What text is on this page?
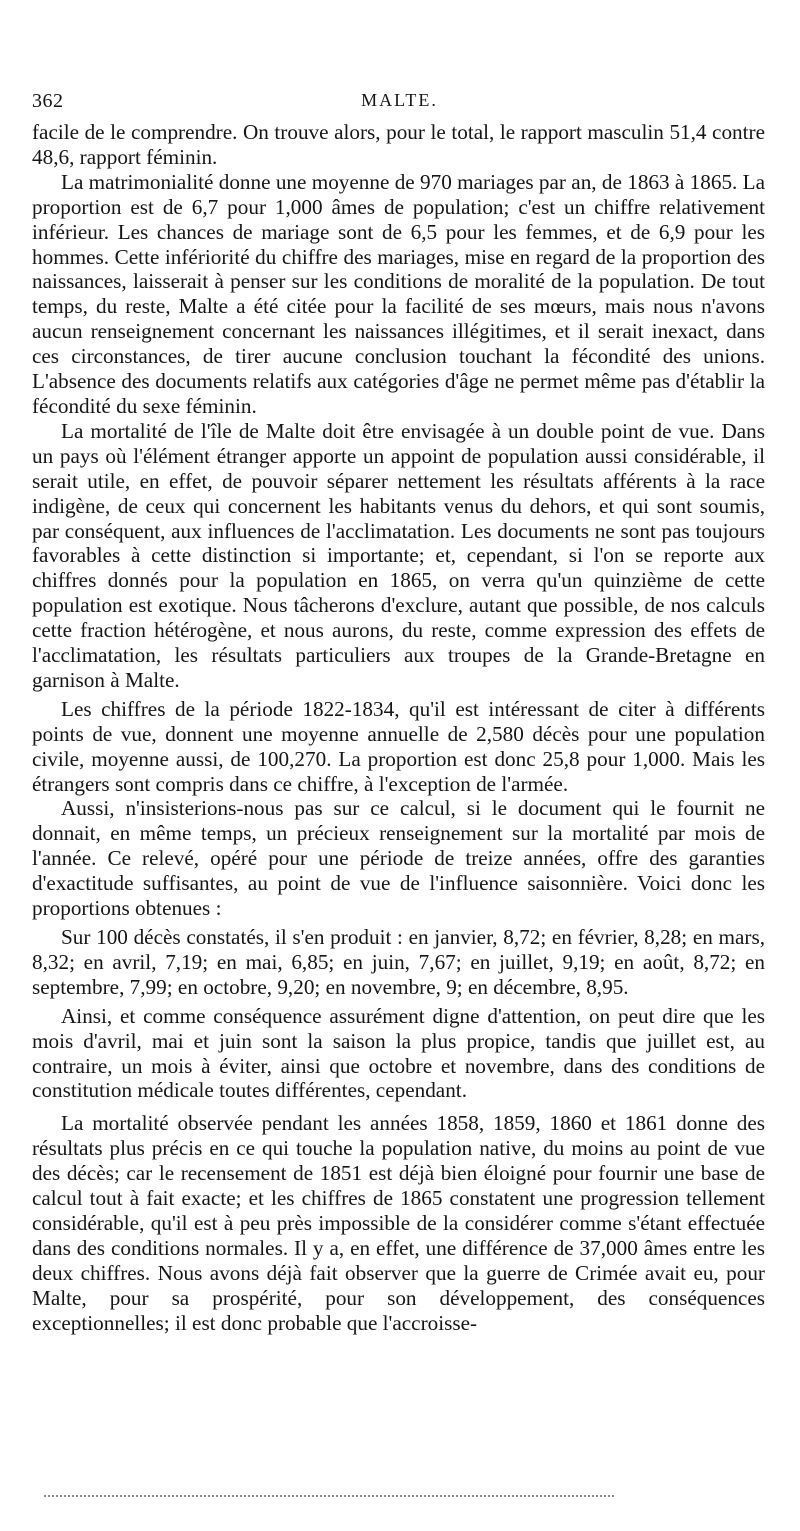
362	MALTE.

facile de le comprendre. On trouve alors, pour le total, le rapport masculin 51,4 contre 48,6, rapport féminin.

La matrimonialité donne une moyenne de 970 mariages par an, de 1863 à 1865. La proportion est de 6,7 pour 1,000 âmes de population; c'est un chiffre relativement inférieur. Les chances de mariage sont de 6,5 pour les femmes, et de 6,9 pour les hommes. Cette infériorité du chiffre des mariages, mise en regard de la proportion des naissances, laisserait à penser sur les conditions de moralité de la population. De tout temps, du reste, Malte a été citée pour la facilité de ses mœurs, mais nous n'avons aucun renseignement concernant les naissances illégitimes, et il serait inexact, dans ces circonstances, de tirer aucune conclusion touchant la fécondité des unions. L'absence des documents relatifs aux catégories d'âge ne permet même pas d'établir la fécondité du sexe féminin.

La mortalité de l'île de Malte doit être envisagée à un double point de vue. Dans un pays où l'élément étranger apporte un appoint de population aussi considérable, il serait utile, en effet, de pouvoir séparer nettement les résultats afférents à la race indigène, de ceux qui concernent les habitants venus du dehors, et qui sont soumis, par conséquent, aux influences de l'acclimatation. Les documents ne sont pas toujours favorables à cette distinction si importante; et, cependant, si l'on se reporte aux chiffres donnés pour la population en 1865, on verra qu'un quinzième de cette population est exotique. Nous tâcherons d'exclure, autant que possible, de nos calculs cette fraction hétérogène, et nous aurons, du reste, comme expression des effets de l'acclimatation, les résultats particuliers aux troupes de la Grande-Bretagne en garnison à Malte.

Les chiffres de la période 1822-1834, qu'il est intéressant de citer à différents points de vue, donnent une moyenne annuelle de 2,580 décès pour une population civile, moyenne aussi, de 100,270. La proportion est donc 25,8 pour 1,000. Mais les étrangers sont compris dans ce chiffre, à l'exception de l'armée.

Aussi, n'insisterions-nous pas sur ce calcul, si le document qui le fournit ne donnait, en même temps, un précieux renseignement sur la mortalité par mois de l'année. Ce relevé, opéré pour une période de treize années, offre des garanties d'exactitude suffisantes, au point de vue de l'influence saisonnière. Voici donc les proportions obtenues :

Sur 100 décès constatés, il s'en produit : en janvier, 8,72; en février, 8,28; en mars, 8,32; en avril, 7,19; en mai, 6,85; en juin, 7,67; en juillet, 9,19; en août, 8,72; en septembre, 7,99; en octobre, 9,20; en novembre, 9; en décembre, 8,95.

Ainsi, et comme conséquence assurément digne d'attention, on peut dire que les mois d'avril, mai et juin sont la saison la plus propice, tandis que juillet est, au contraire, un mois à éviter, ainsi que octobre et novembre, dans des conditions de constitution médicale toutes différentes, cependant.

La mortalité observée pendant les années 1858, 1859, 1860 et 1861 donne des résultats plus précis en ce qui touche la population native, du moins au point de vue des décès; car le recensement de 1851 est déjà bien éloigné pour fournir une base de calcul tout à fait exacte; et les chiffres de 1865 constatent une progression tellement considérable, qu'il est à peu près impossible de la considérer comme s'étant effectuée dans des conditions normales. Il y a, en effet, une différence de 37,000 âmes entre les deux chiffres. Nous avons déjà fait observer que la guerre de Crimée avait eu, pour Malte, pour sa prospérité, pour son développement, des conséquences exceptionnelles; il est donc probable que l'accroisse-
